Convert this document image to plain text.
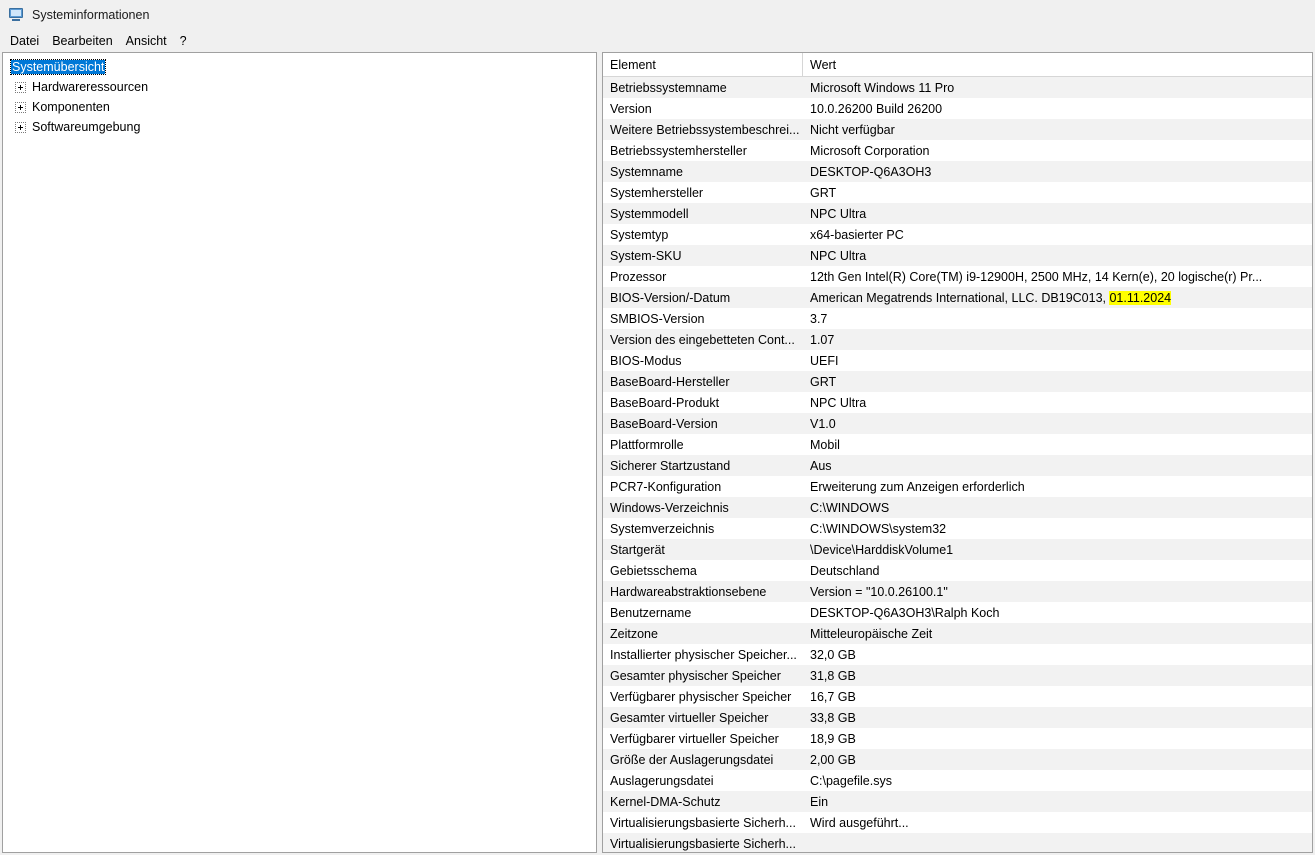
Systeminformationen
Datei	Bearbeiten	Ansicht	?
Systemübersicht
Hardwareressourcen
Komponenten
Softwareumgebung
Element	Wert
Betriebssystemname	Microsoft Windows 11 Pro
Version	10.0.26200 Build 26200
Weitere Betriebssystembeschrei... Nicht verfügbar
Betriebssystemhersteller	Microsoft Corporation
Systemname	DESKTOP-Q6A3OH3
Systemhersteller	GRT
Systemmodell	NPC Ultra
Systemtyp	x64-basierter PC
System-SKU	NPC Ultra
Prozessor	12th Gen Intel(R) Core(TM) i9-12900H, 2500 MHz, 14 Kern(e), 20 logische(r) Pr...
BIOS-Version/-Datum	American Megatrends International, LLC. DB19C013, 01.11.2024
SMBIOS-Version	3.7
Version des eingebetteten Cont...	1.07
BIOS-Modus	UEFI
BaseBoard-Hersteller	GRT
BaseBoard-Produkt	NPC Ultra
BaseBoard-Version	V1.0
Plattformrolle	Mobil
Sicherer Startzustand	Aus
PCR7-Konfiguration	Erweiterung zum Anzeigen erforderlich
Windows-Verzeichnis	C:\WINDOWS
Systemverzeichnis	C:\WINDOWS\system32
Startgerät	\Device\HarddiskVolume1
Gebietsschema	Deutschland
Hardwareabstraktionsebene	Version = "10.0.26100.1"
Benutzername	DESKTOP-Q6A3OH3\Ralph Koch
Zeitzone	Mitteleuropäische Zeit
Installierter physischer Speicher...	32,0 GB
Gesamter physischer Speicher	31,8 GB
Verfügbarer physischer Speicher	16,7 GB
Gesamter virtueller Speicher	33,8 GB
Verfügbarer virtueller Speicher	18,9 GB
Größe der Auslagerungsdatei	2,00 GB
Auslagerungsdatei	C:\pagefile.sys
Kernel-DMA-Schutz	Ein
Virtualisierungsbasierte Sicherh...	Wird ausgeführt...
Virtualisierungsbasierte Sicherh...
